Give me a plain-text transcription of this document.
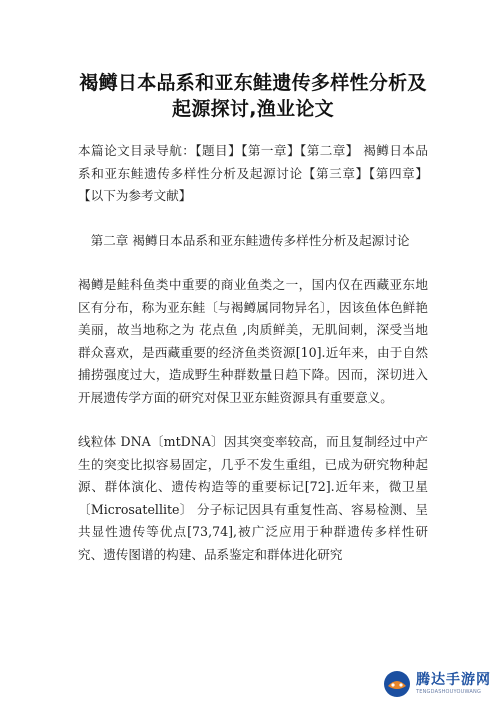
褐鳟日本品系和亚东鲑遗传多样性分析及起源探讨,渔业论文

本篇论文目录导航：【题目】【第一章】【第二章】 褐鳟日本品系和亚东鲑遗传多样性分析及起源讨论【第三章】【第四章】【以下为参考文献】

第二章 褐鳟日本品系和亚东鲑遗传多样性分析及起源讨论

褐鳟是鲑科鱼类中重要的商业鱼类之一，国内仅在西藏亚东地区有分布，称为亚东鲑〔与褐鳟属同物异名〕，因该鱼体色鲜艳美丽，故当地称之为 花点鱼 ,肉质鲜美，无肌间刺，深受当地群众喜欢，是西藏重要的经济鱼类资源[10].近年来，由于自然捕捞强度过大，造成野生种群数量日趋下降。因而，深切进入开展遗传学方面的研究对保卫亚东鲑资源具有重要意义。

线粒体 DNA〔mtDNA〕因其突变率较高，而且复制经过中产生的突变比拟容易固定，几乎不发生重组，已成为研究物种起源、群体演化、遗传构造等的重要标记[72].近年来，微卫星〔Microsatellite〕 分子标记因具有重复性高、容易检测、呈共显性遗传等优点[73,74],被广泛应用于种群遗传多样性研究、遗传图谱的构建、品系鉴定和群体进化研究

腾达手游网
TENGDASHOUYOUWANG
